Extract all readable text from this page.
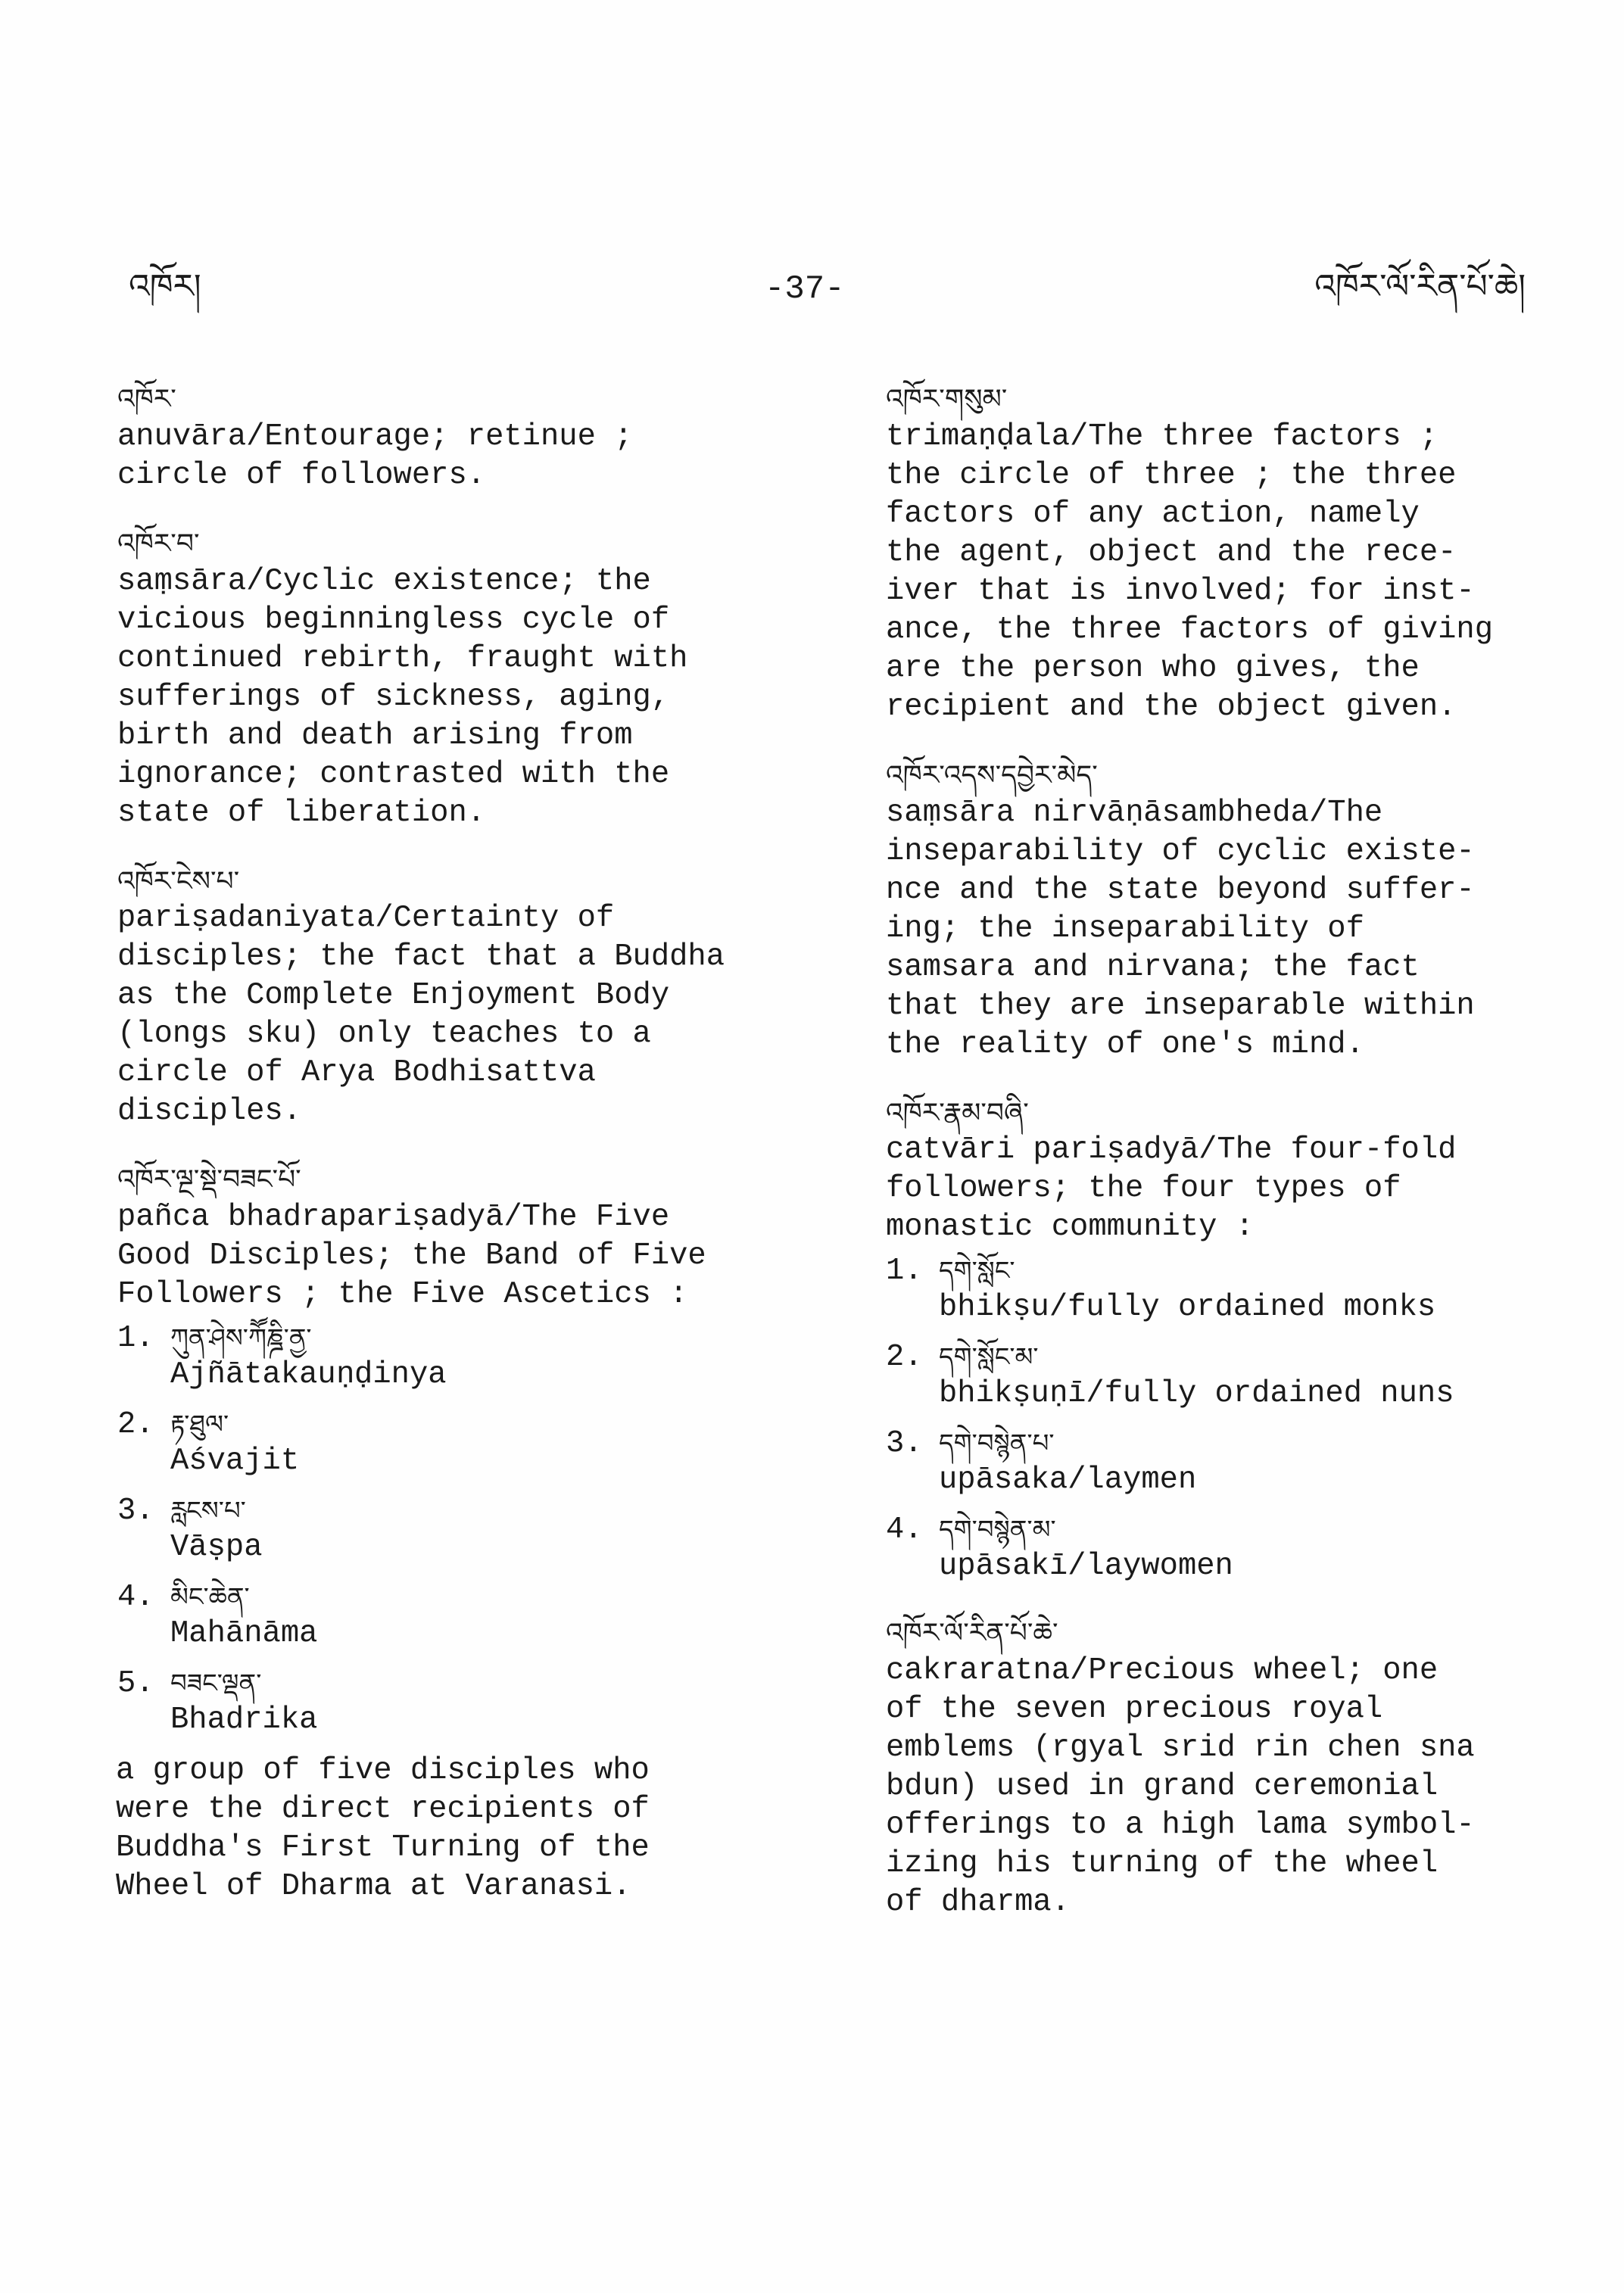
འཁོར།	-37-	འཁོར་ལོ་རིན་པོ་ཆེ།
འཁོར་
anuvāra/Entourage; retinue ;
circle of followers.
འཁོར་བ་
saṃsāra/Cyclic existence; the
vicious beginningless cycle of
continued rebirth, fraught with
sufferings of sickness, aging,
birth and death arising from
ignorance; contrasted with the
state of liberation.
འཁོར་ངེས་པ་
pariṣadaniyata/Certainty of
disciples; the fact that a Buddha
as the Complete Enjoyment Body
(longs sku) only teaches to a
circle of Arya Bodhisattva
disciples.
འཁོར་ལྔ་སྡེ་བཟང་པོ་
pañca bhadrapariṣadyā/The Five
Good Disciples; the Band of Five
Followers ; the Five Ascetics :
1. ཀུན་ཤེས་ཀཽཎྜི་ནྱ་
Ajñātakauṇḍinya
2. རྟ་ཐུལ་
Aśvajit
3. རླངས་པ་
Vāṣpa
4. མིང་ཆེན་
Mahānāma
5. བཟང་ལྡན་
Bhadrika
a group of five disciples who
were the direct recipients of
Buddha's First Turning of the
Wheel of Dharma at Varanasi.
འཁོར་གསུམ་
trimaṇḍala/The three factors ;
the circle of three ; the three
factors of any action, namely
the agent, object and the rece-
iver that is involved; for inst-
ance, the three factors of giving
are the person who gives, the
recipient and the object given.
འཁོར་འདས་དབྱེར་མེད་
saṃsāra nirvāṇāsambheda/The
inseparability of cyclic existe-
nce and the state beyond suffer-
ing; the inseparability of
samsara and nirvana; the fact
that they are inseparable within
the reality of one's mind.
འཁོར་རྣམ་བཞི་
catvāri pariṣadyā/The four-fold
followers; the four types of
monastic community :
1. དགེ་སློང་
bhikṣu/fully ordained monks
2. དགེ་སློང་མ་
bhikṣuṇī/fully ordained nuns
3. དགེ་བསྙེན་པ་
upāsaka/laymen
4. དགེ་བསྙེན་མ་
upāsakī/laywomen
འཁོར་ལོ་རིན་པོ་ཆེ་
cakraratna/Precious wheel; one
of the seven precious royal
emblems (rgyal srid rin chen sna
bdun) used in grand ceremonial
offerings to a high lama symbol-
izing his turning of the wheel
of dharma.
